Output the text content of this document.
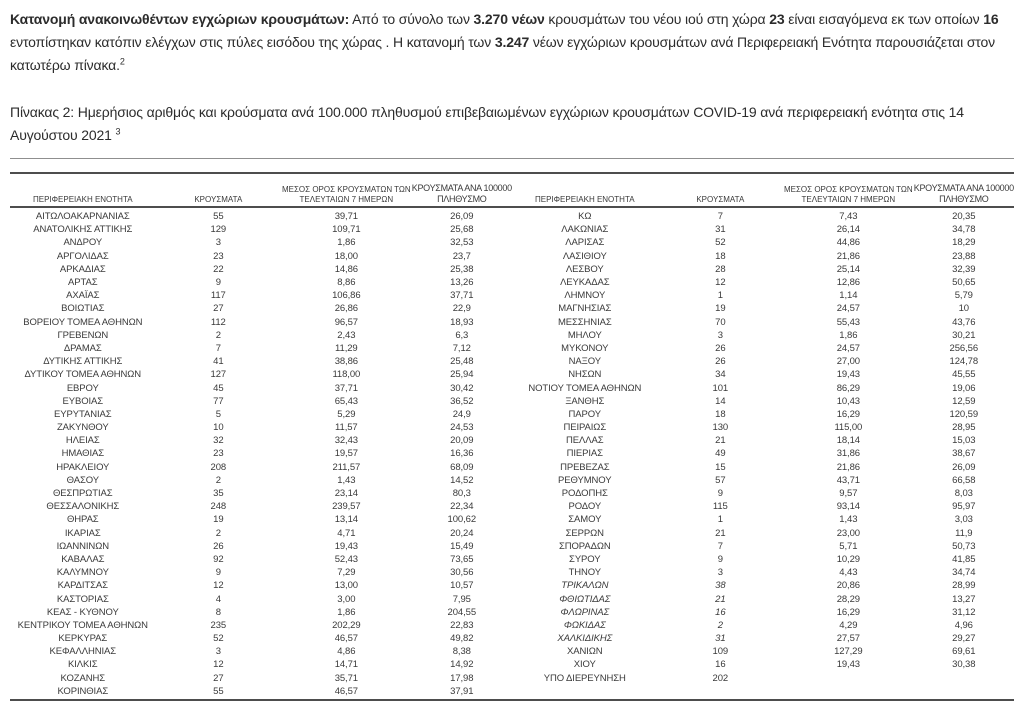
Κατανομή ανακοινωθέντων εγχώριων κρουσμάτων: Από το σύνολο των 3.270 νέων κρουσμάτων του νέου ιού στη χώρα 23 είναι εισαγόμενα εκ των οποίων 16 εντοπίστηκαν κατόπιν ελέγχων στις πύλες εισόδου της χώρας . Η κατανομή των 3.247 νέων εγχώριων κρουσμάτων ανά Περιφερειακή Ενότητα παρουσιάζεται στον κατωτέρω πίνακα.$^2$

Πίνακας 2: Ημερήσιος αριθμός και κρούσματα ανά 100.000 πληθυσμού επιβεβαιωμένων εγχώριων κρουσμάτων COVID-19 ανά περιφερειακή ενότητα στις 14 Αυγούστου 2021 $^3$

ΠΕΡΙΦΕΡΕΙΑΚΗ ΕΝΟΤΗΤΑ	ΚΡΟΥΣΜΑΤΑ
ΜΕΣΟΣ ΟΡΟΣ ΚΡΟΥΣΜΑΤΩΝ ΤΩΝ ΤΕΛΕΥΤΑΙΩΝ 7 ΗΜΕΡΩΝ
ΚΡΟΥΣΜΑΤΑ ΑΝΑ 100000 ΠΛΗΘΥΣΜΟ	ΠΕΡΙΦΕΡΕΙΑΚΗ ΕΝΟΤΗΤΑ	ΚΡΟΥΣΜΑΤΑ
ΜΕΣΟΣ ΟΡΟΣ ΚΡΟΥΣΜΑΤΩΝ ΤΩΝ ΤΕΛΕΥΤΑΙΩΝ 7 ΗΜΕΡΩΝ
ΚΡΟΥΣΜΑΤΑ ΑΝΑ 100000 ΠΛΗΘΥΣΜΟ
ΑΙΤΩΛΟΑΚΑΡΝΑΝΙΑΣ	55	39,71	26,09
ΑΝΑΤΟΛΙΚΗΣ ΑΤΤΙΚΗΣ	129	109,71	25,68
ΑΝΔΡΟΥ	3	1,86	32,53
ΑΡΓΟΛΙΔΑΣ	23	18,00	23,7
ΑΡΚΑΔΙΑΣ	22	14,86	25,38
ΑΡΤΑΣ	9	8,86	13,26
ΑΧΑΪΑΣ	117	106,86	37,71
ΒΟΙΩΤΙΑΣ	27	26,86	22,9
ΒΟΡΕΙΟΥ ΤΟΜΕΑ ΑΘΗΝΩΝ	112	96,57	18,93
ΓΡΕΒΕΝΩΝ	2	2,43	6,3
ΔΡΑΜΑΣ	7	11,29	7,12
ΔΥΤΙΚΗΣ ΑΤΤΙΚΗΣ	41	38,86	25,48
ΔΥΤΙΚΟΥ ΤΟΜΕΑ ΑΘΗΝΩΝ	127	118,00	25,94
ΕΒΡΟΥ	45	37,71	30,42
ΕΥΒΟΙΑΣ	77	65,43	36,52
ΕΥΡΥΤΑΝΙΑΣ	5	5,29	24,9
ΖΑΚΥΝΘΟΥ	10	11,57	24,53
ΗΛΕΙΑΣ	32	32,43	20,09
ΗΜΑΘΙΑΣ	23	19,57	16,36
ΗΡΑΚΛΕΙΟΥ	208	211,57	68,09
ΘΑΣΟΥ	2	1,43	14,52
ΘΕΣΠΡΩΤΙΑΣ	35	23,14	80,3
ΘΕΣΣΑΛΟΝΙΚΗΣ	248	239,57	22,34
ΘΗΡΑΣ	19	13,14	100,62
ΙΚΑΡΙΑΣ	2	4,71	20,24
ΙΩΑΝΝΙΝΩΝ	26	19,43	15,49
ΚΑΒΑΛΑΣ	92	52,43	73,65
ΚΑΛΥΜΝΟΥ	9	7,29	30,56
ΚΑΡΔΙΤΣΑΣ	12	13,00	10,57
ΚΑΣΤΟΡΙΑΣ	4	3,00	7,95
ΚΕΑΣ - ΚΥΘΝΟΥ	8	1,86	204,55
ΚΕΝΤΡΙΚΟΥ ΤΟΜΕΑ ΑΘΗΝΩΝ	235	202,29	22,83
ΚΕΡΚΥΡΑΣ	52	46,57	49,82
ΚΕΦΑΛΛΗΝΙΑΣ	3	4,86	8,38
ΚΙΛΚΙΣ	12	14,71	14,92
ΚΟΖΑΝΗΣ	27	35,71	17,98
ΚΟΡΙΝΘΙΑΣ	55	46,57	37,91
ΚΩ	7	7,43	20,35
ΛΑΚΩΝΙΑΣ	31	26,14	34,78
ΛΑΡΙΣΑΣ	52	44,86	18,29
ΛΑΣΙΘΙΟΥ	18	21,86	23,88
ΛΕΣΒΟΥ	28	25,14	32,39
ΛΕΥΚΑΔΑΣ	12	12,86	50,65
ΛΗΜΝΟΥ	1	1,14	5,79
ΜΑΓΝΗΣΙΑΣ	19	24,57	10
ΜΕΣΣΗΝΙΑΣ	70	55,43	43,76
ΜΗΛΟΥ	3	1,86	30,21
ΜΥΚΟΝΟΥ	26	24,57	256,56
ΝΑΞΟΥ	26	27,00	124,78
ΝΗΣΩΝ	34	19,43	45,55
ΝΟΤΙΟΥ ΤΟΜΕΑ ΑΘΗΝΩΝ	101	86,29	19,06
ΞΑΝΘΗΣ	14	10,43	12,59
ΠΑΡΟΥ	18	16,29	120,59
ΠΕΙΡΑΙΩΣ	130	115,00	28,95
ΠΕΛΛΑΣ	21	18,14	15,03
ΠΙΕΡΙΑΣ	49	31,86	38,67
ΠΡΕΒΕΖΑΣ	15	21,86	26,09
ΡΕΘΥΜΝΟΥ	57	43,71	66,58
ΡΟΔΟΠΗΣ	9	9,57	8,03
ΡΟΔΟΥ	115	93,14	95,97
ΣΑΜΟΥ	1	1,43	3,03
ΣΕΡΡΩΝ	21	23,00	11,9
ΣΠΟΡΑΔΩΝ	7	5,71	50,73
ΣΥΡΟΥ	9	10,29	41,85
ΤΗΝΟΥ	3	4,43	34,74
ΤΡΙΚΑΛΩΝ	38	20,86	28,99
ΦΘΙΩΤΙΔΑΣ	21	28,29	13,27
ΦΛΩΡΙΝΑΣ	16	16,29	31,12
ΦΩΚΙΔΑΣ	2	4,29	4,96
ΧΑΛΚΙΔΙΚΗΣ	31	27,57	29,27
ΧΑΝΙΩΝ	109	127,29	69,61
ΧΙΟΥ	16	19,43	30,38
ΥΠΟ ΔΙΕΡΕΥΝΗΣΗ	202
